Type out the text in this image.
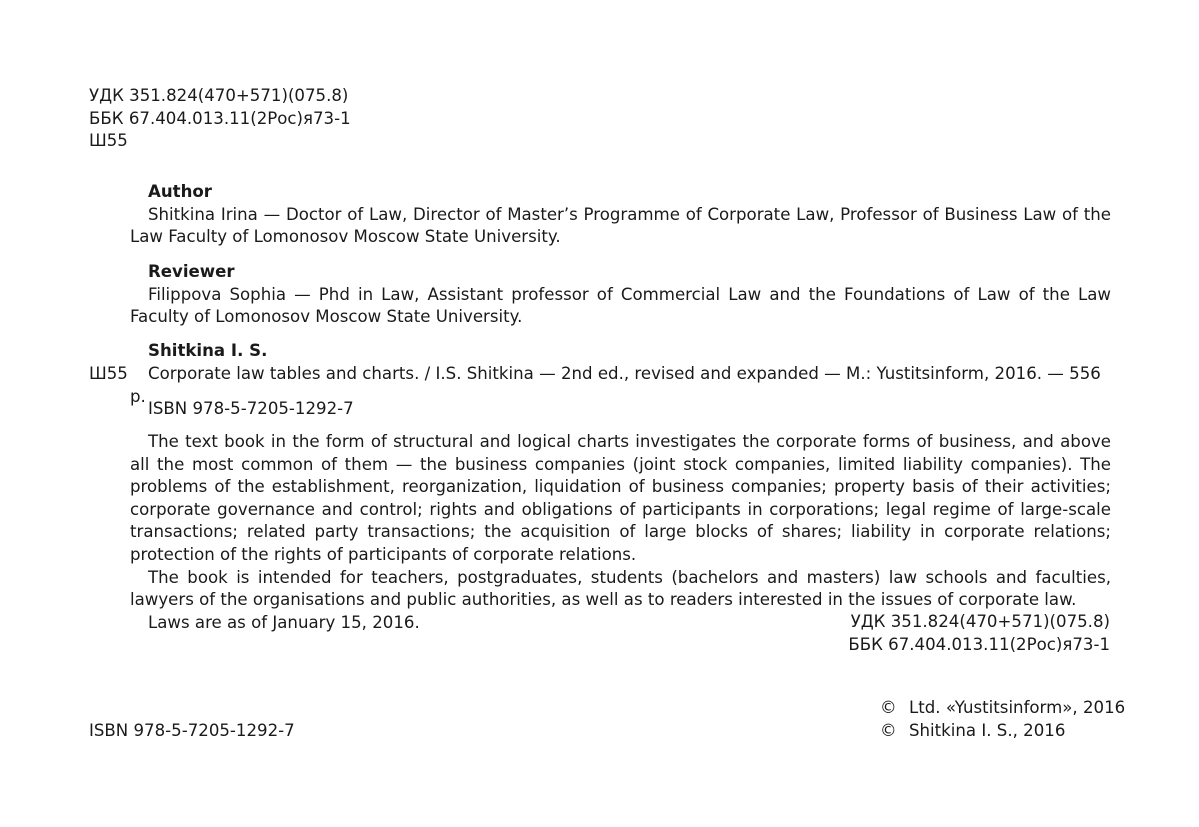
УДК 351.824(470+571)(075.8)
ББК 67.404.013.11(2Рос)я73-1
Ш55
Author
Shitkina Irina — Doctor of Law, Director of Master’s Programme of Corporate Law, Professor of Business Law of the Law Faculty of Lomonosov Moscow State University.
Reviewer
Filippova Sophia — Phd in Law, Assistant professor of Commercial Law and the Foundations of Law of the Law Faculty of Lomonosov Moscow State University.
Shitkina I. S.
Ш55	Corporate law tables and charts. / I.S. Shitkina — 2nd ed., revised and expanded — M.: Yustitsinform, 2016. — 556 p.
ISBN 978-5-7205-1292-7
The text book in the form of structural and logical charts investigates the corporate forms of business, and above all the most common of them — the business companies (joint stock companies, limited liability companies). The problems of the establishment, reorganization, liquidation of business companies; property basis of their activities; corporate governance and control; rights and obligations of participants in corporations; legal regime of large-scale transactions; related party transactions; the acquisition of large blocks of shares; liability in corporate relations; protection of the rights of participants of corporate relations.
The book is intended for teachers, postgraduates, students (bachelors and masters) law schools and faculties, lawyers of the organisations and public authorities, as well as to readers interested in the issues of corporate law.
Laws are as of January 15, 2016.	УДК 351.824(470+571)(075.8)
ББК 67.404.013.11(2Рос)я73-1
ISBN 978-5-7205-1292-7
© Ltd. «Yustitsinform», 2016
© Shitkina I. S., 2016
